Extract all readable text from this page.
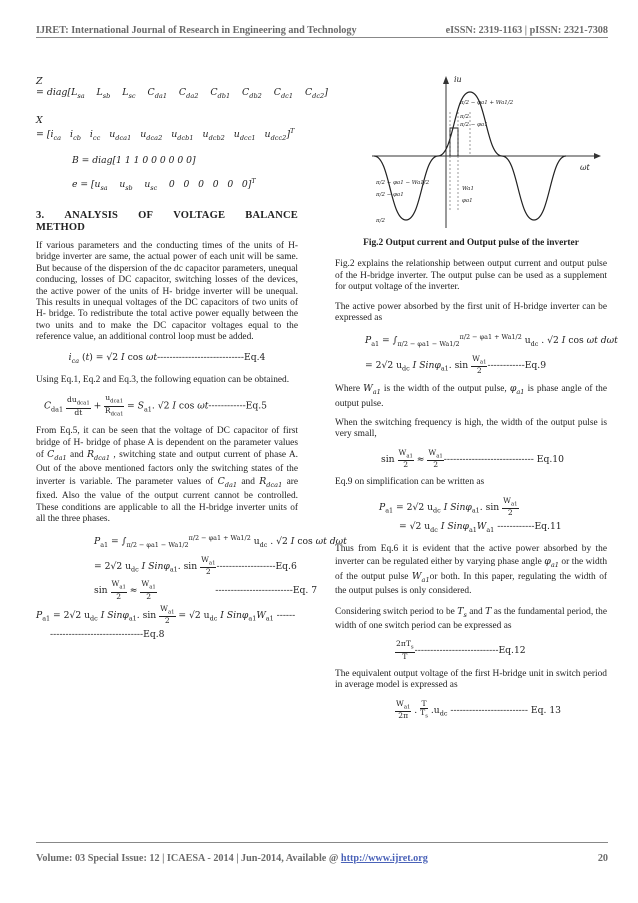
IJRET: International Journal of Research in Engineering and Technology	eISSN: 2319-1163 | pISSN: 2321-7308
Z
= $diag[L_{sa}$    $L_{sb}$    $L_{sc}$    $C_{da1}$    $C_{da2}$    $C_{db1}$    $C_{db2}$    $C_{dc1}$    $C_{dc2}$]
X
= [$i_{ca}$   $i_{cb}$   $i_{cc}$   $u_{dca1}$   $u_{dca2}$   $u_{dcb1}$   $u_{dcb2}$   $u_{dcc1}$   $u_{dcc2}]^T$
B = diag[1 1 1 0 0 0 0 0 0]
$e = [u_{sa}$    $u_{sb}$    $u_{sc}$    0   0   0   0   0   0]$^T$
3. ANALYSIS OF VOLTAGE BALANCE
METHOD
If various parameters and the conducting times of the units of H-bridge inverter are same, the actual power of each unit will be same. But because of the dispersion of the dc capacitor parameters, unequal conducing, losses of DC capacitor, switching losses of the devices, the active power of the units of H- bridge inverter will be unequal. This results in unequal voltages of the DC capacitors of two units of H- bridge. To redistribute the total active power equally between the two units and to make the DC capacitor voltages equal to the reference value, an additional control loop must be added.
$i_{ca}$ (t) = √2 I cos ωt----------------------------Eq.4
Using Eq.1, Eq.2 and Eq.3, the following equation can be obtained.
$C_{da1} \frac{du_{dca1}}{dt} + \frac{u_{dca1}}{R_{dca1}} = S_{a1}$. √2 I cos ωt------------Eq.5
From Eq.5, it can be seen that the voltage of DC capacitor of first bridge of H- bridge of phase A is dependent on the parameter values of $C_{da1}$ and $R_{dca1}$ , switching state and output current of phase A. Out of the above mentioned factors only the switching states of the inverter is variable. The parameter values of $C_{da1}$ and $R_{dca1}$ are fixed. Also the value of the output current cannot be controlled. These conditions are applicable to all the H-bridge inverter units of all the three phases.
$P_{a1} = \int_{\pi/2 - \varphi a1 - Wa1/2}^{\pi/2 - \varphi a1 + Wa1/2}$ $u_{dc}$ . √2 I cos ωt dωt
= 2√2 $u_{dc}$ I Sinφ$_{a1}$. $\sin \frac{W_{a1}}{2} -------------------Eq.6$
$\sin \frac{W_{a1}}{2} \approx \frac{W_{a1}}{2}$	-------------------------Eq. 7
$P_{a1} = 2√2$ $u_{dc}$ I Sinφ$_{a1}$. $\sin \frac{W_{a1}}{2} = √2$ $u_{dc}$ I $Sin\varphi_{a1}W_{a1}$ ------
------------------------------Eq.8
iu
ωt
π/2 − φa1 + Wa1/2
π/2
π/2 − φa1
π/2 − φa1 − Wa1/2
π/2 − φa1
Wa1
φa1
π/2
Fig.2 Output current and Output pulse of the inverter
Fig.2 explains the relationship between output current and output pulse of the H-bridge inverter. The output pulse can be used as a supplement for output voltage of the inverter.
The active power absorbed by the first unit of H-bridge inverter can be expressed as
$P_{a1} = \int_{\pi/2 - \varphi a1 - Wa1/2}^{\pi/2 - \varphi a1 + Wa1/2}$ $u_{dc}$ . √2 I cos ωt dωt
= 2√2 $u_{dc}$ I Sinφ$_{a1}$. $\sin \frac{W_{a1}}{2} ------------Eq.9$
Where $W_{a1}$ is the width of the output pulse, $\varphi_{a1}$ is phase angle of the output pulse.
When the switching frequency is high, the width of the output pulse is very small,
$\sin \frac{W_{a1}}{2} \approx \frac{W_{a1}}{2}$ ----------------------------- Eq.10
Eq.9 on simplification can be written as
$P_{a1} = 2√2$ $u_{dc}$ I Sinφ$_{a1}$. $\sin \frac{W_{a1}}{2}$
= √2 $u_{dc}$ I $Sin\varphi_{a1}W_{a1}$ ------------Eq.11
Thus from Eq.6 it is evident that the active power absorbed by the inverter can be regulated either by varying phase angle $\varphi_{a1}$ or the width of the output pulse $W_{a1}or$ both. In this paper, regulating the width of the output pulses is only considered.
Considering switch period to be $T_s$ and T as the fundamental period, the width of one switch period can be expressed as
$\frac{2\pi T_s}{T} ---------------------------Eq.12$
The equivalent output voltage of the first H-bridge unit in switch period in average model is expressed as
$\frac{W_{a1}}{2\pi}$ . $\frac{T}{T_s} .u_{dc}$ ------------------------- Eq. 13
Volume: 03 Special Issue: 12 | ICAESA - 2014 | Jun-2014, Available @ http://www.ijret.org	20
